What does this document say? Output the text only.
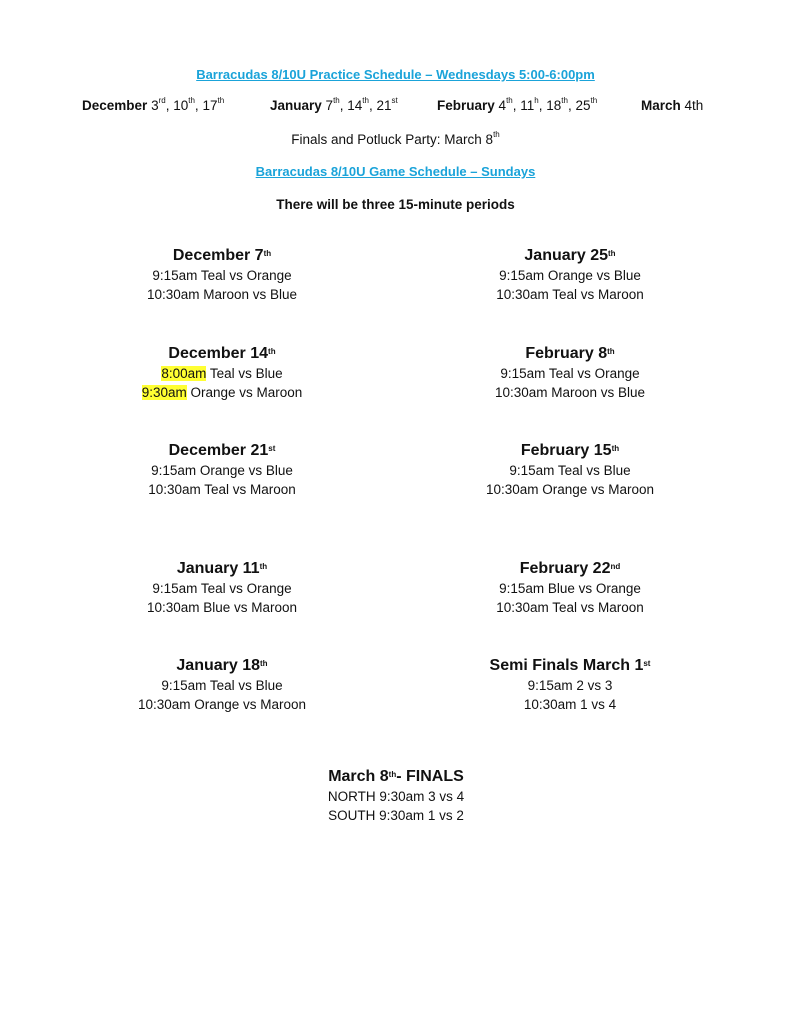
Barracudas 8/10U Practice Schedule – Wednesdays 5:00-6:00pm
December 3rd, 10th, 17th	January 7th, 14th, 21st	February 4th, 11$^h$, 18th, 25th	March 4th
Finals and Potluck Party: March 8th
Barracudas 8/10U Game Schedule – Sundays
There will be three 15-minute periods
December 7th
9:15am Teal vs Orange
10:30am Maroon vs Blue
January 25th
9:15am Orange vs Blue
10:30am Teal vs Maroon
December 14th
8:00am Teal vs Blue
9:30am Orange vs Maroon
February 8th
9:15am Teal vs Orange
10:30am Maroon vs Blue
December 21st
9:15am Orange vs Blue
10:30am Teal vs Maroon
February 15th
9:15am Teal vs Blue
10:30am Orange vs Maroon
January 11th
9:15am Teal vs Orange
10:30am Blue vs Maroon
February 22nd
9:15am Blue vs Orange
10:30am Teal vs Maroon
January 18th
9:15am Teal vs Blue
10:30am Orange vs Maroon
Semi Finals March 1st
9:15am 2 vs 3
10:30am 1 vs 4
March 8th- FINALS
NORTH 9:30am 3 vs 4
SOUTH 9:30am 1 vs 2
